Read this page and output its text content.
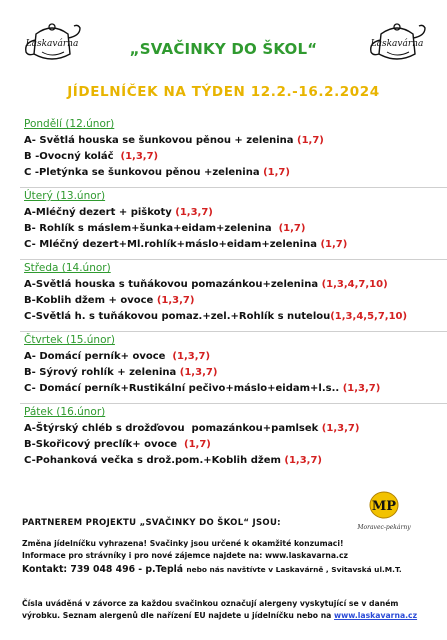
Laskavárna	Laskavárna
„SVAČINKY DO ŠKOL“
JÍDELNÍČEK NA TÝDEN 12.2.-16.2.2024
Pondělí (12.únor)
A- Světlá houska se šunkovou pěnou + zelenina (1,7)
B -Ovocný koláč  (1,3,7)
C -Pletýnka se šunkovou pěnou +zelenina (1,7)
Úterý (13.únor)
A-Mléčný dezert + piškoty (1,3,7)
B- Rohlík s máslem+šunka+eidam+zelenina  (1,7)
C- Mléčný dezert+Ml.rohlík+máslo+eidam+zelenina (1,7)
Středa (14.únor)
A-Světlá houska s tuňákovou pomazánkou+zelenina (1,3,4,7,10)
B-Koblih džem + ovoce (1,3,7)
C-Světlá h. s tuňákovou pomaz.+zel.+Rohlík s nutelou(1,3,4,5,7,10)
Čtvrtek (15.únor)
A- Domácí perník+ ovoce  (1,3,7)
B- Sýrový rohlík + zelenina (1,3,7)
C- Domácí perník+Rustikální pečivo+máslo+eidam+l.s.. (1,3,7)
Pátek (16.únor)
A-Štýrský chléb s drožďovou  pomazánkou+pamlsek (1,3,7)
B-Skořicový preclík+ ovoce  (1,7)
C-Pohanková večka s drož.pom.+Koblih džem (1,3,7)
PARTNEREM PROJEKTU „SVAČINKY DO ŠKOL“ JSOU:
MP
Moravec-pekárny
Změna jídelníčku vyhrazena! Svačinky jsou určené k okamžité konzumaci!
Informace pro strávníky i pro nové zájemce najdete na: www.laskavarna.cz
Kontakt: 739 048 496 - p.Teplá nebo nás navštívte v Laskavárně , Svitavská ul.M.T.
Čísla uváděná v závorce za každou svačinkou označují alergeny vyskytující se v daném
výrobku. Seznam alergenů dle nařízení EU najdete u jídelníčku nebo na www.laskavarna.cz
